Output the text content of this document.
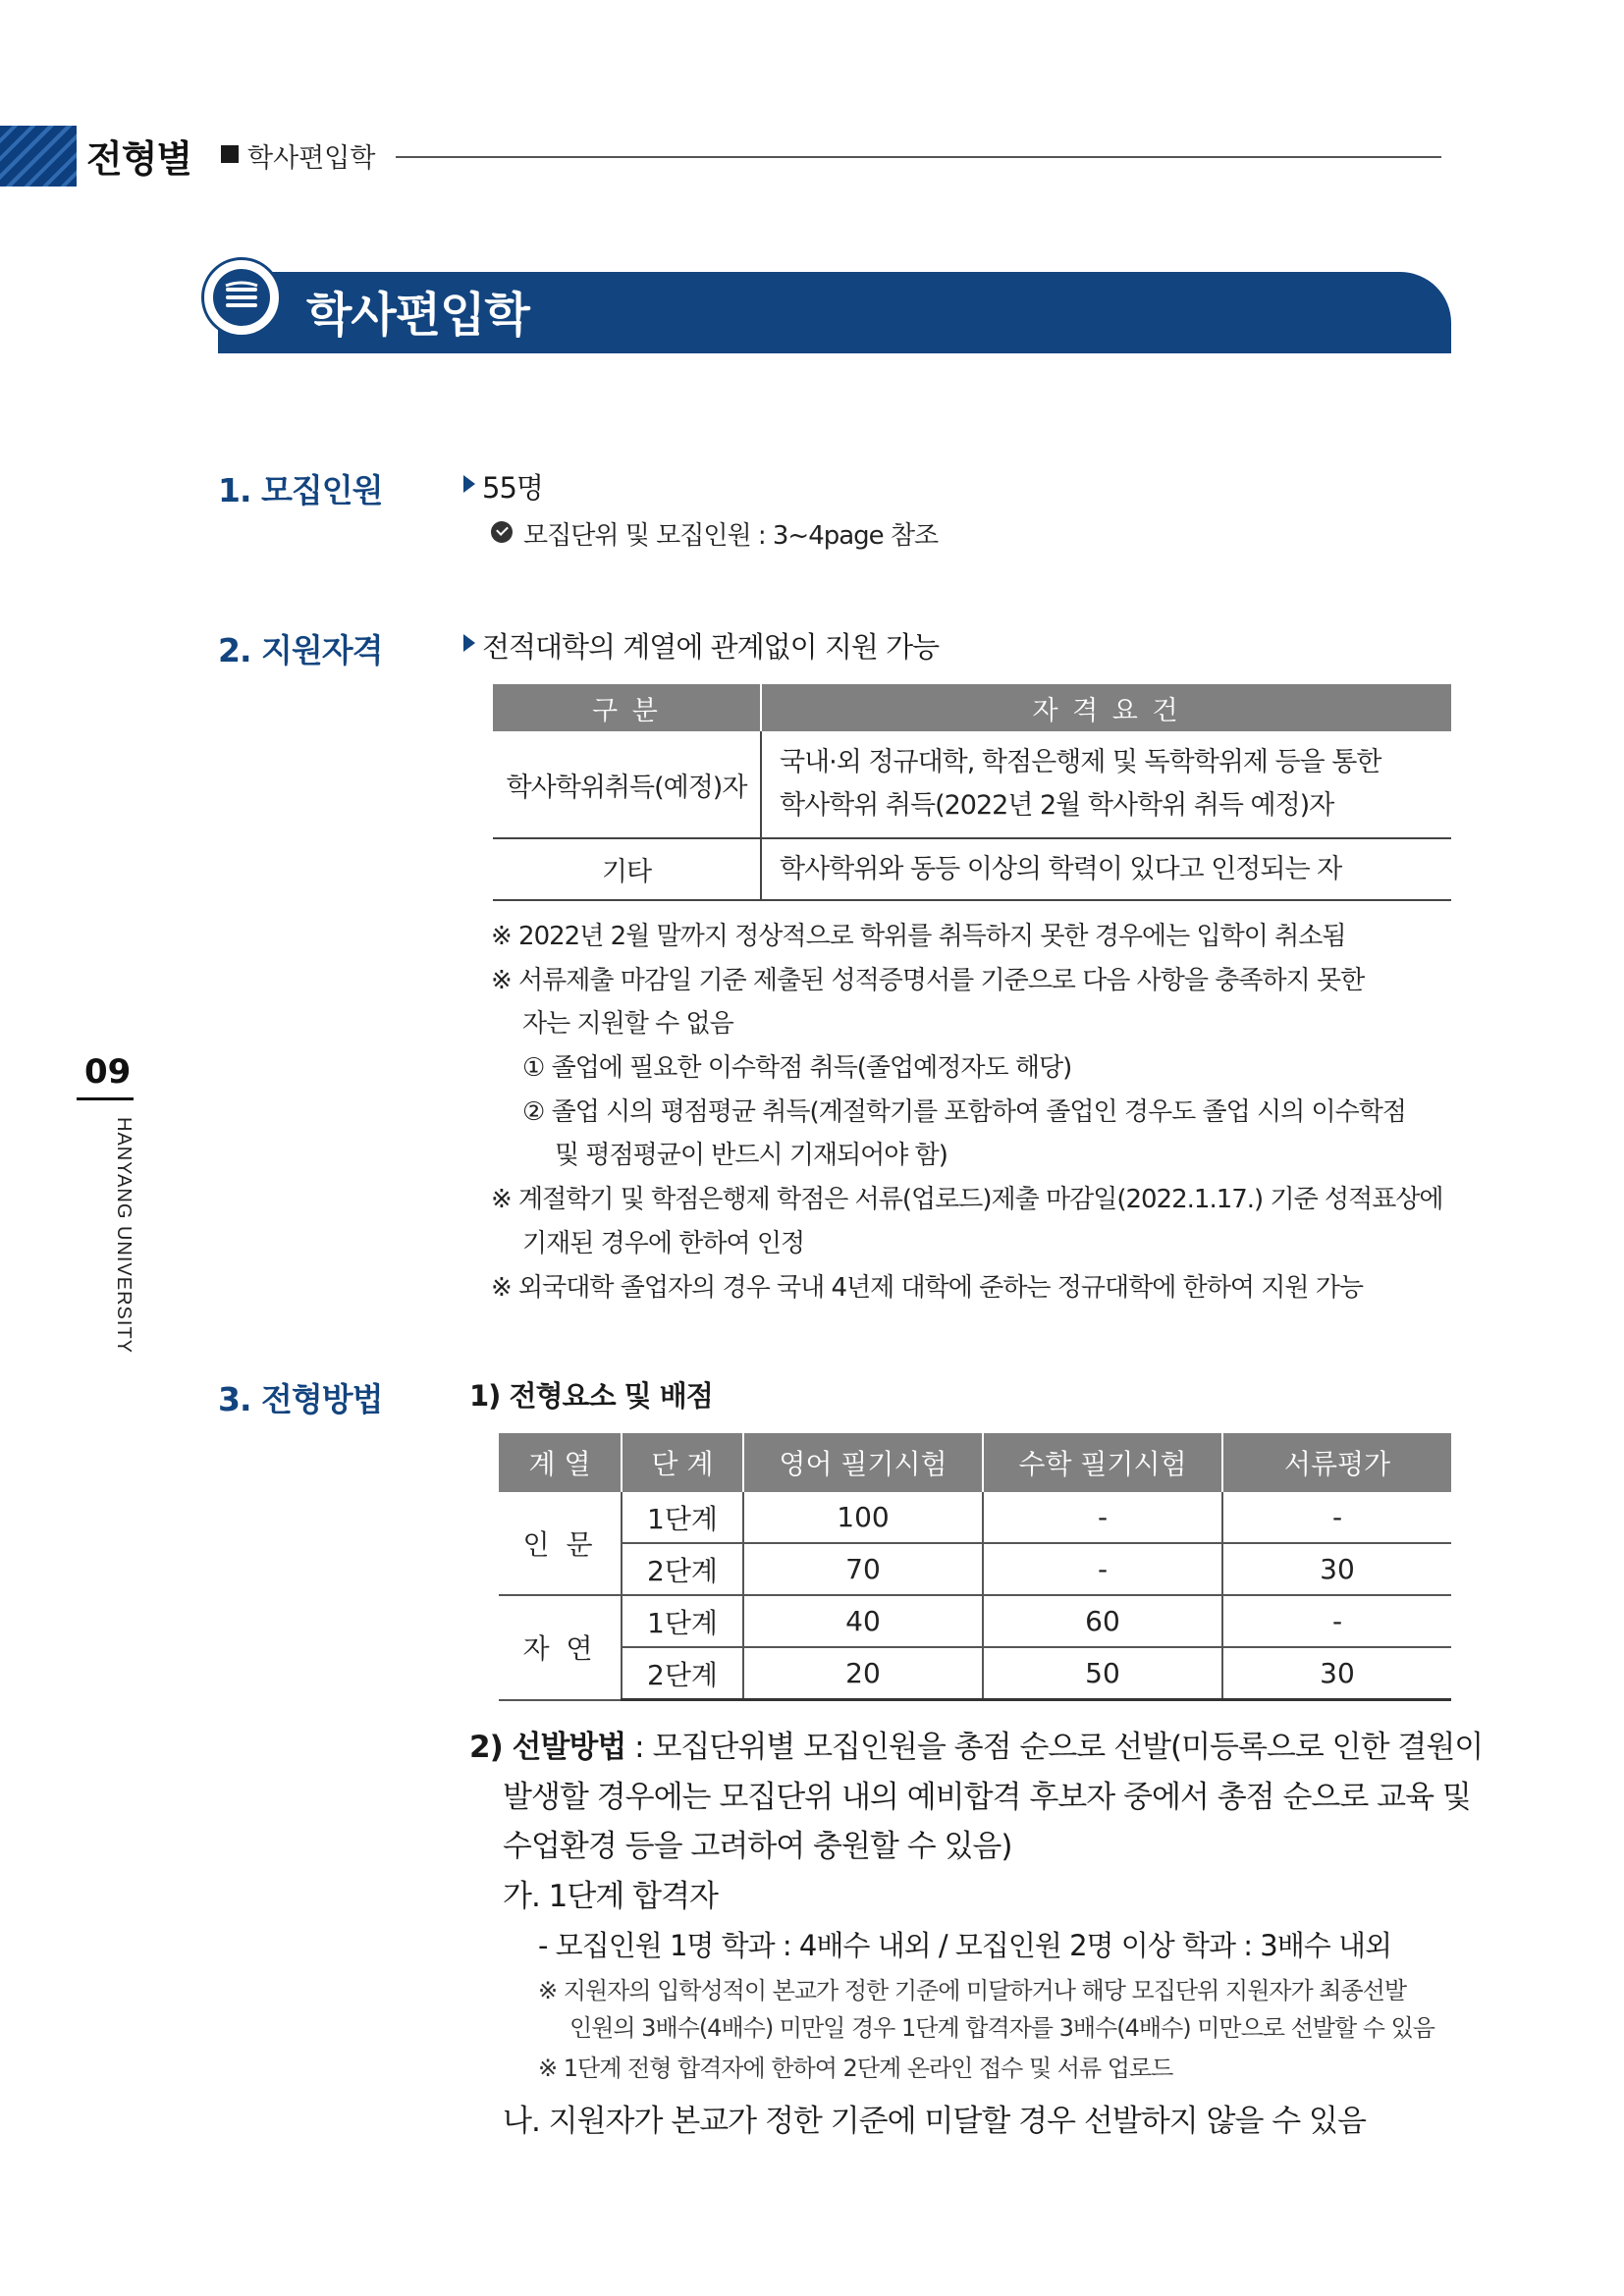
전형별 학사편입학
학사편입학
09
HANYANG UNIVERSITY
1. 모집인원	55명
모집단위 및 모집인원 : 3~4page 참조
2. 지원자격	전적대학의 계열에 관계없이 지원 가능
구 분	자 격 요 건
학사학위취득(예정)자	국내·외 정규대학, 학점은행제 및 독학학위제 등을 통한
학사학위 취득(2022년 2월 학사학위 취득 예정)자

기타	학사학위와 동등 이상의 학력이 있다고 인정되는 자
※ 2022년 2월 말까지 정상적으로 학위를 취득하지 못한 경우에는 입학이 취소됨
※ 서류제출 마감일 기준 제출된 성적증명서를 기준으로 다음 사항을 충족하지 못한
자는 지원할 수 없음
① 졸업에 필요한 이수학점 취득(졸업예정자도 해당)
② 졸업 시의 평점평균 취득(계절학기를 포함하여 졸업인 경우도 졸업 시의 이수학점
및 평점평균이 반드시 기재되어야 함)
※ 계절학기 및 학점은행제 학점은 서류(업로드)제출 마감일(2022.1.17.) 기준 성적표상에
기재된 경우에 한하여 인정
※ 외국대학 졸업자의 경우 국내 4년제 대학에 준하는 정규대학에 한하여 지원 가능
3. 전형방법	1) 전형요소 및 배점
계 열	단 계	영어 필기시험	수학 필기시험	서류평가
인 문	1단계	100	-	-
	2단계	70	-	30
자 연	1단계	40	60	-
	2단계	20	50	30
2) 선발방법 : 모집단위별 모집인원을 총점 순으로 선발(미등록으로 인한 결원이
발생할 경우에는 모집단위 내의 예비합격 후보자 중에서 총점 순으로 교육 및
수업환경 등을 고려하여 충원할 수 있음)
가. 1단계 합격자
- 모집인원 1명 학과 : 4배수 내외 / 모집인원 2명 이상 학과 : 3배수 내외
※ 지원자의 입학성적이 본교가 정한 기준에 미달하거나 해당 모집단위 지원자가 최종선발
인원의 3배수(4배수) 미만일 경우 1단계 합격자를 3배수(4배수) 미만으로 선발할 수 있음
※ 1단계 전형 합격자에 한하여 2단계 온라인 접수 및 서류 업로드
나. 지원자가 본교가 정한 기준에 미달할 경우 선발하지 않을 수 있음
